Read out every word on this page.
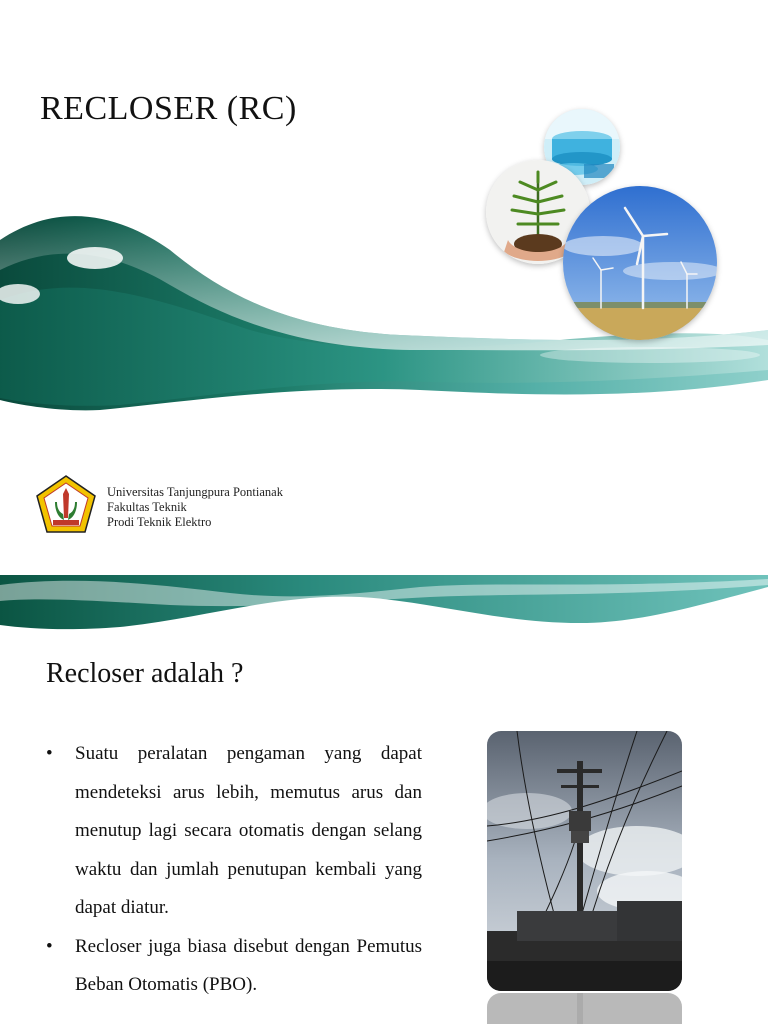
RECLOSER (RC)
Universitas Tanjungpura Pontianak
Fakultas Teknik
Prodi Teknik Elektro
Recloser adalah ?
• Suatu peralatan pengaman yang dapat mendeteksi arus lebih, memutus arus dan menutup lagi secara otomatis dengan selang waktu dan jumlah penutupan kembali yang dapat diatur.
• Recloser juga biasa disebut dengan Pemutus Beban Otomatis (PBO).
